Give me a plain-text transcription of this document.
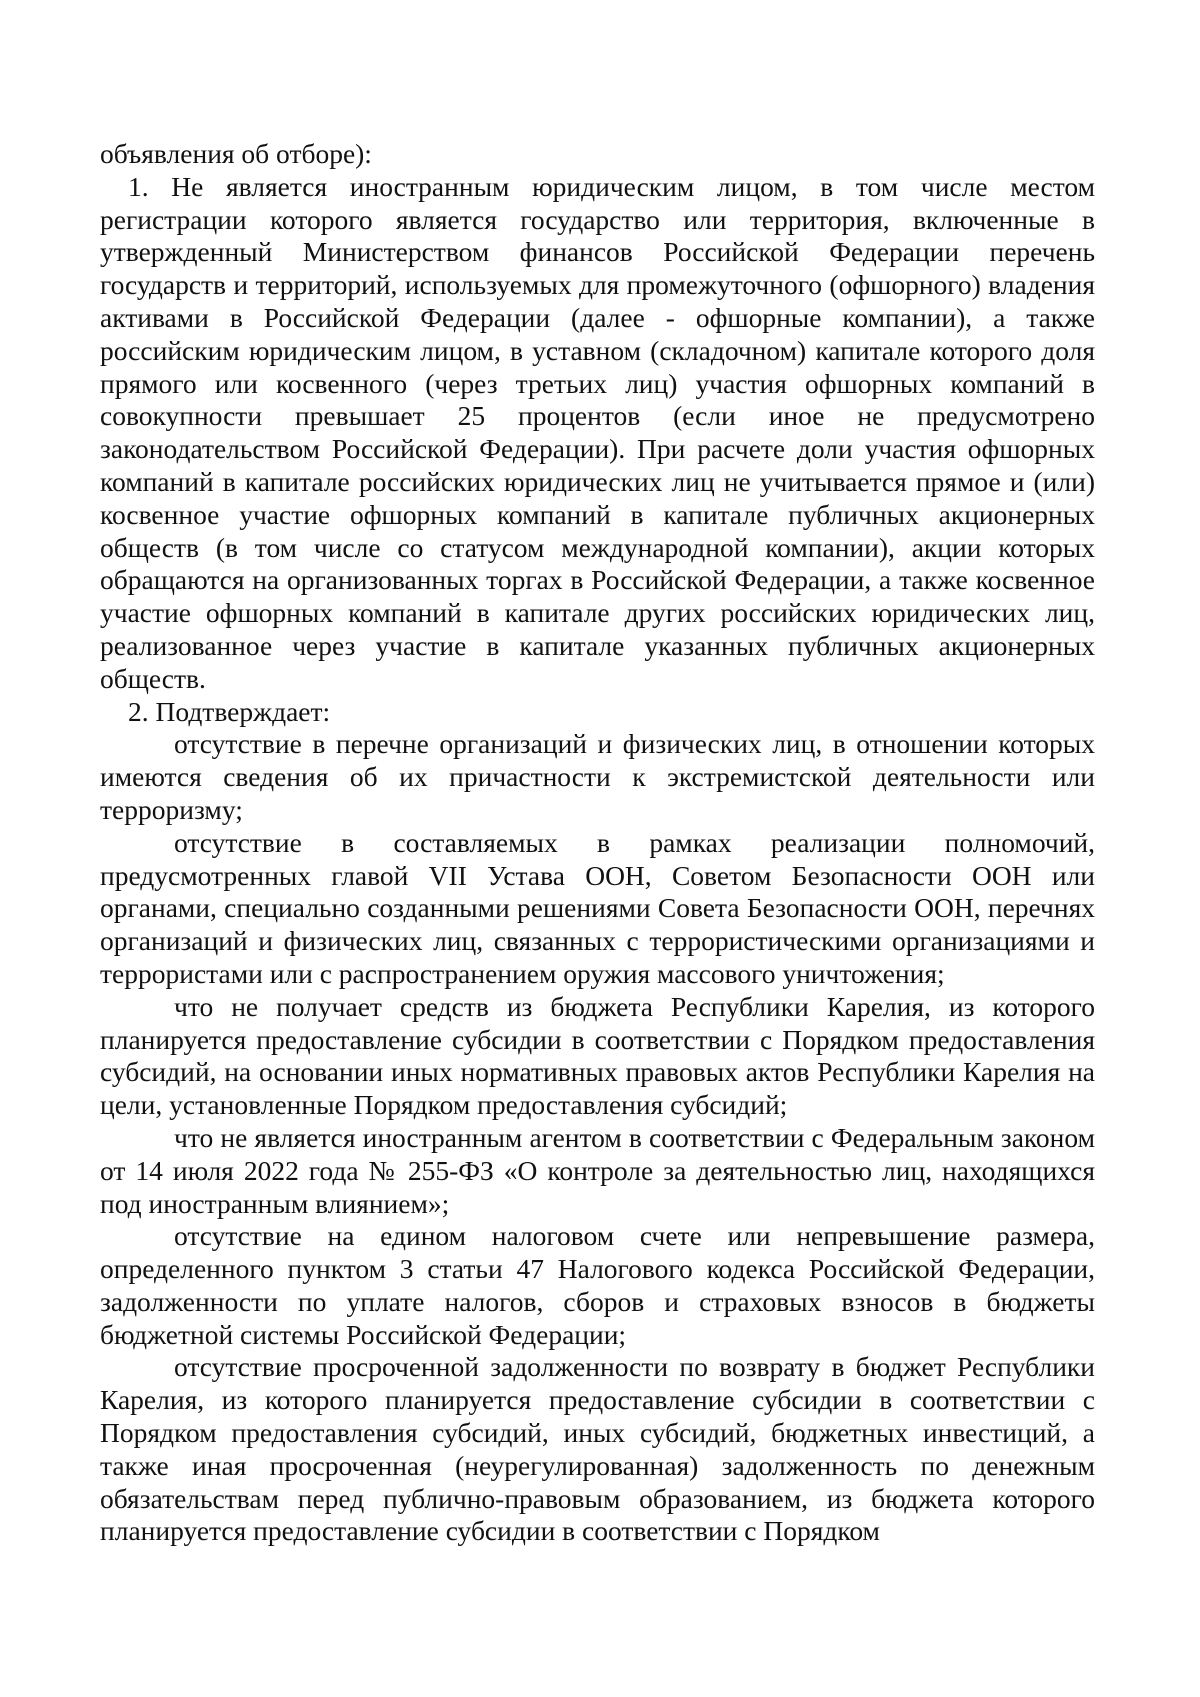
объявления об отборе):

1. Не является иностранным юридическим лицом, в том числе местом регистрации которого является государство или территория, включенные в утвержденный Министерством финансов Российской Федерации перечень государств и территорий, используемых для промежуточного (офшорного) владения активами в Российской Федерации (далее - офшорные компании), а также российским юридическим лицом, в уставном (складочном) капитале которого доля прямого или косвенного (через третьих лиц) участия офшорных компаний в совокупности превышает 25 процентов (если иное не предусмотрено законодательством Российской Федерации). При расчете доли участия офшорных компаний в капитале российских юридических лиц не учитывается прямое и (или) косвенное участие офшорных компаний в капитале публичных акционерных обществ (в том числе со статусом международной компании), акции которых обращаются на организованных торгах в Российской Федерации, а также косвенное участие офшорных компаний в капитале других российских юридических лиц, реализованное через участие в капитале указанных публичных акционерных обществ.

2. Подтверждает:

отсутствие в перечне организаций и физических лиц, в отношении которых имеются сведения об их причастности к экстремистской деятельности или терроризму;

отсутствие в составляемых в рамках реализации полномочий, предусмотренных главой VII Устава ООН, Советом Безопасности ООН или органами, специально созданными решениями Совета Безопасности ООН, перечнях организаций и физических лиц, связанных с террористическими организациями и террористами или с распространением оружия массового уничтожения;

что не получает средств из бюджета Республики Карелия, из которого планируется предоставление субсидии в соответствии с Порядком предоставления субсидий, на основании иных нормативных правовых актов Республики Карелия на цели, установленные Порядком предоставления субсидий;

что не является иностранным агентом в соответствии с Федеральным законом от 14 июля 2022 года № 255-ФЗ «О контроле за деятельностью лиц, находящихся под иностранным влиянием»;

отсутствие на едином налоговом счете или непревышение размера, определенного пунктом 3 статьи 47 Налогового кодекса Российской Федерации, задолженности по уплате налогов, сборов и страховых взносов в бюджеты бюджетной системы Российской Федерации;

отсутствие просроченной задолженности по возврату в бюджет Республики Карелия, из которого планируется предоставление субсидии в соответствии с Порядком предоставления субсидий, иных субсидий, бюджетных инвестиций, а также иная просроченная (неурегулированная) задолженность по денежным обязательствам перед публично-правовым образованием, из бюджета которого планируется предоставление субсидии в соответствии с Порядком
